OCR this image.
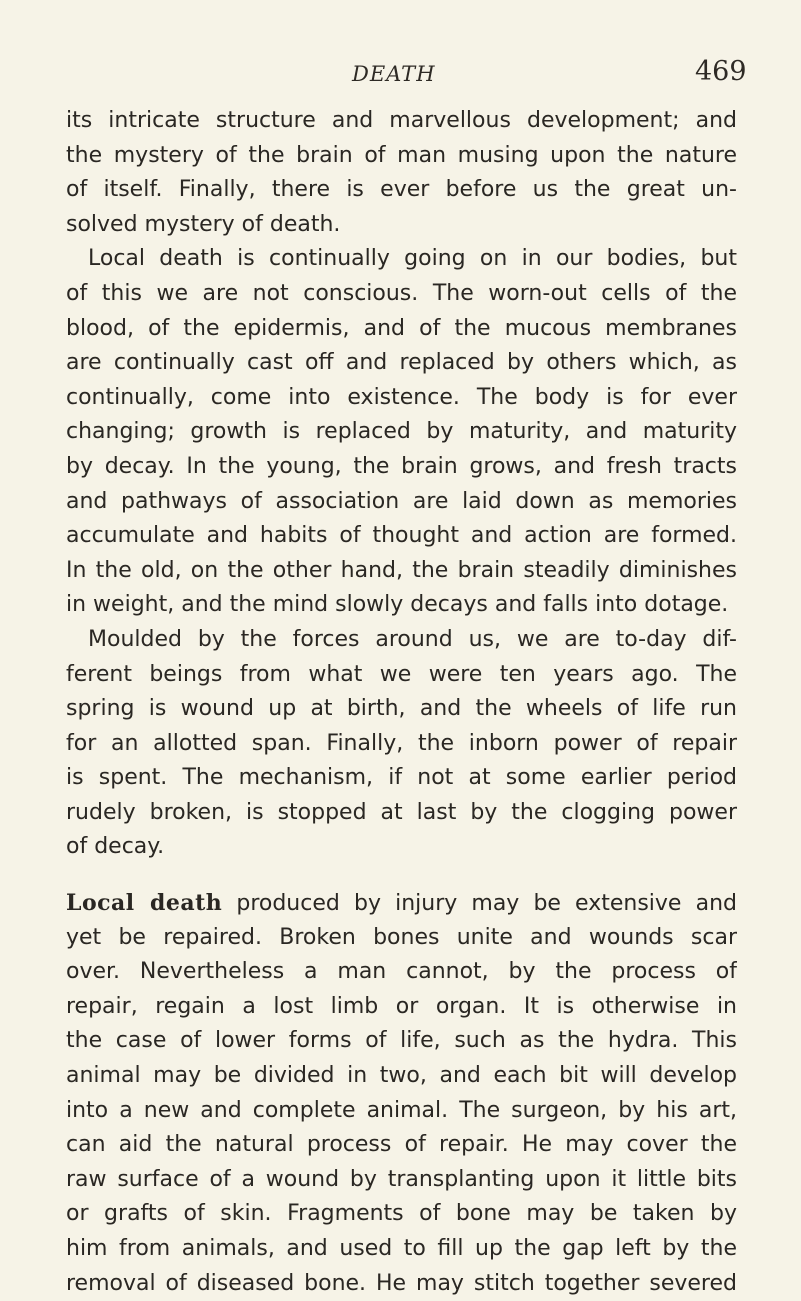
DEATH	469
its intricate structure and marvellous development; and
the mystery of the brain of man musing upon the nature
of itself. Finally, there is ever before us the great un-
solved mystery of death.
Local death is continually going on in our bodies, but
of this we are not conscious. The worn-out cells of the
blood, of the epidermis, and of the mucous membranes
are continually cast off and replaced by others which, as
continually, come into existence. The body is for ever
changing; growth is replaced by maturity, and maturity
by decay. In the young, the brain grows, and fresh tracts
and pathways of association are laid down as memories
accumulate and habits of thought and action are formed.
In the old, on the other hand, the brain steadily diminishes
in weight, and the mind slowly decays and falls into dotage.
Moulded by the forces around us, we are to-day dif-
ferent beings from what we were ten years ago. The
spring is wound up at birth, and the wheels of life run
for an allotted span. Finally, the inborn power of repair
is spent. The mechanism, if not at some earlier period
rudely broken, is stopped at last by the clogging power
of decay.
Local death produced by injury may be extensive and
yet be repaired. Broken bones unite and wounds scar
over. Nevertheless a man cannot, by the process of
repair, regain a lost limb or organ. It is otherwise in
the case of lower forms of life, such as the hydra. This
animal may be divided in two, and each bit will develop
into a new and complete animal. The surgeon, by his art,
can aid the natural process of repair. He may cover the
raw surface of a wound by transplanting upon it little bits
or grafts of skin. Fragments of bone may be taken by
him from animals, and used to fill up the gap left by the
removal of diseased bone. He may stitch together severed
